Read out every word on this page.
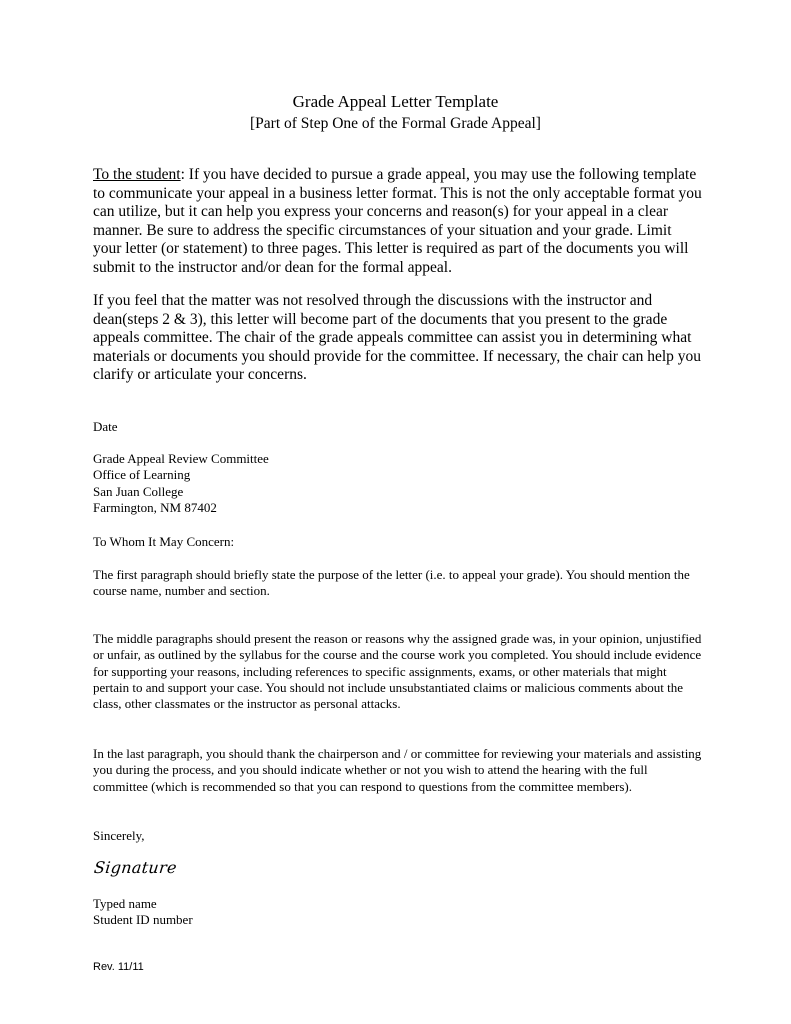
Grade Appeal Letter Template
[Part of Step One of the Formal Grade Appeal]

To the student: If you have decided to pursue a grade appeal, you may use the following template to communicate your appeal in a business letter format. This is not the only acceptable format you can utilize, but it can help you express your concerns and reason(s) for your appeal in a clear manner. Be sure to address the specific circumstances of your situation and your grade. Limit your letter (or statement) to three pages. This letter is required as part of the documents you will submit to the instructor and/or dean for the formal appeal.

If you feel that the matter was not resolved through the discussions with the instructor and dean(steps 2 & 3), this letter will become part of the documents that you present to the grade appeals committee. The chair of the grade appeals committee can assist you in determining what materials or documents you should provide for the committee. If necessary, the chair can help you clarify or articulate your concerns.

Date

Grade Appeal Review Committee
Office of Learning
San Juan College
Farmington, NM 87402

To Whom It May Concern:

The first paragraph should briefly state the purpose of the letter (i.e. to appeal your grade). You should mention the course name, number and section.

The middle paragraphs should present the reason or reasons why the assigned grade was, in your opinion, unjustified or unfair, as outlined by the syllabus for the course and the course work you completed. You should include evidence for supporting your reasons, including references to specific assignments, exams, or other materials that might pertain to and support your case. You should not include unsubstantiated claims or malicious comments about the class, other classmates or the instructor as personal attacks.

In the last paragraph, you should thank the chairperson and / or committee for reviewing your materials and assisting you during the process, and you should indicate whether or not you wish to attend the hearing with the full committee (which is recommended so that you can respond to questions from the committee members).

Sincerely,

Signature

Typed name
Student ID number

Rev. 11/11
